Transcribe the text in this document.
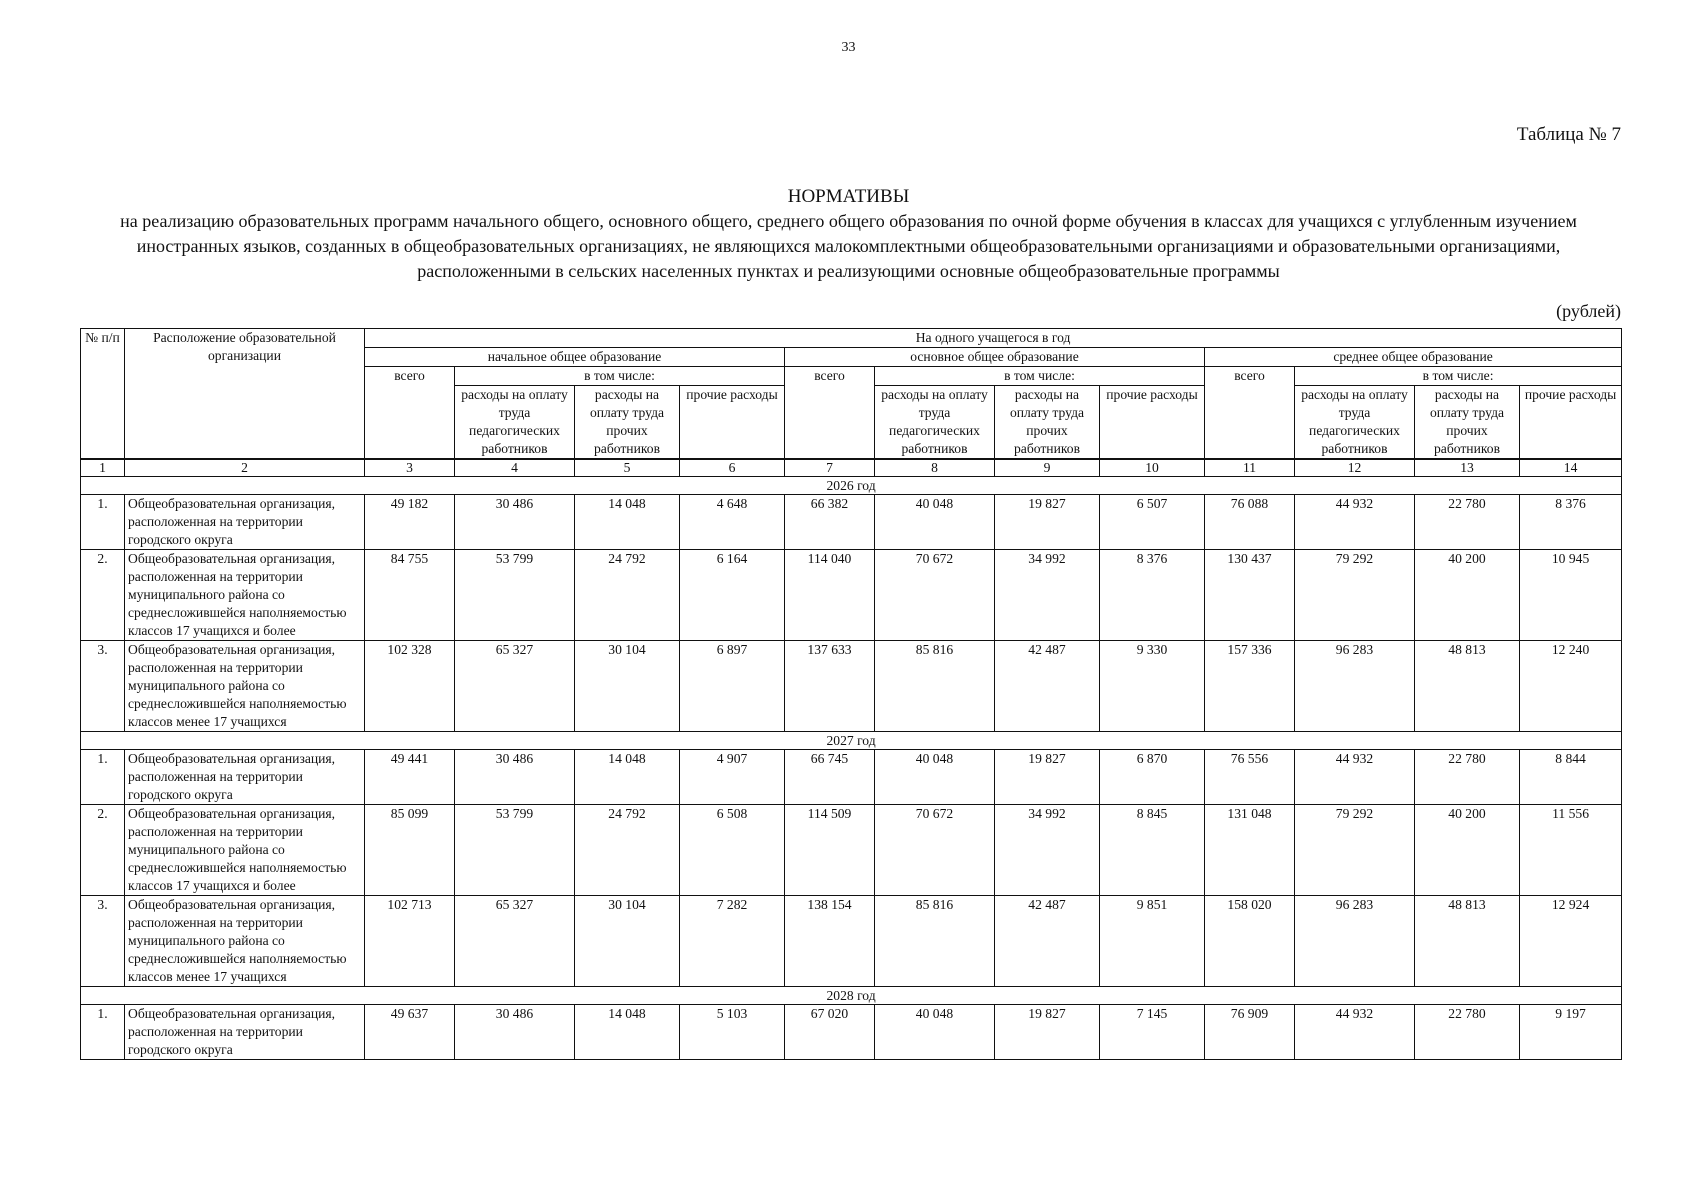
33
Таблица № 7
НОРМАТИВЫ
на реализацию образовательных программ начального общего, основного общего, среднего общего образования по очной форме обучения в классах для учащихся с углубленным изучением иностранных языков, созданных в общеобразовательных организациях, не являющихся малокомплектными общеобразовательными организациями и образовательными организациями, расположенными в сельских населенных пунктах и реализующими основные общеобразовательные программы
(рублей)
№ п/п	Расположение образовательной организации	На одного учащегося в год											
		начальное общее образование				основное общее образование				среднее общее образование			
		всего	в том числе:			всего	в том числе:			всего	в том числе:		
			расходы на оплату труда педагогических работников	расходы на оплату труда прочих работников	прочие расходы		расходы на оплату труда педагогических работников	расходы на оплату труда прочих работников	прочие расходы		расходы на оплату труда педагогических работников	расходы на оплату труда прочих работников	прочие расходы
1	2	3	4	5	6	7	8	9	10	11	12	13	14
2026 год													
1.	Общеобразовательная организация, расположенная на территории городского округа	49 182	30 486	14 048	4 648	66 382	40 048	19 827	6 507	76 088	44 932	22 780	8 376
2.	Общеобразовательная организация, расположенная на территории муниципального района со среднесложившейся наполняемостью классов 17 учащихся и более	84 755	53 799	24 792	6 164	114 040	70 672	34 992	8 376	130 437	79 292	40 200	10 945
3.	Общеобразовательная организация, расположенная на территории муниципального района со среднесложившейся наполняемостью классов менее 17 учащихся	102 328	65 327	30 104	6 897	137 633	85 816	42 487	9 330	157 336	96 283	48 813	12 240
2027 год													
1.	Общеобразовательная организация, расположенная на территории городского округа	49 441	30 486	14 048	4 907	66 745	40 048	19 827	6 870	76 556	44 932	22 780	8 844
2.	Общеобразовательная организация, расположенная на территории муниципального района со среднесложившейся наполняемостью классов 17 учащихся и более	85 099	53 799	24 792	6 508	114 509	70 672	34 992	8 845	131 048	79 292	40 200	11 556
3.	Общеобразовательная организация, расположенная на территории муниципального района со среднесложившейся наполняемостью классов менее 17 учащихся	102 713	65 327	30 104	7 282	138 154	85 816	42 487	9 851	158 020	96 283	48 813	12 924
2028 год													
1.	Общеобразовательная организация, расположенная на территории городского округа	49 637	30 486	14 048	5 103	67 020	40 048	19 827	7 145	76 909	44 932	22 780	9 197
